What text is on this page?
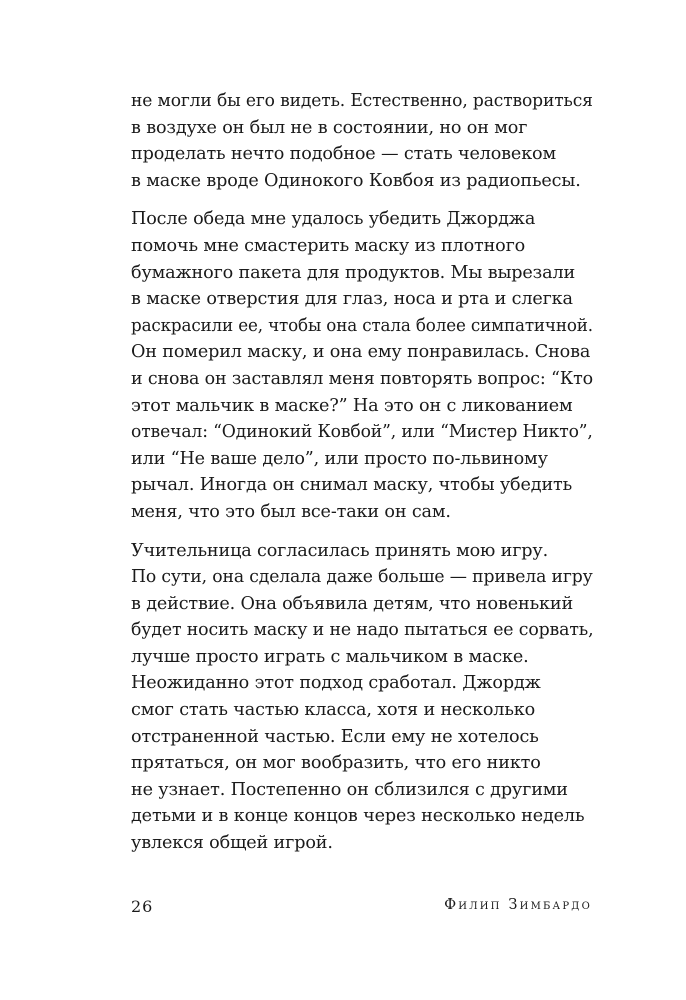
не могли бы его видеть. Естественно, раствориться
в воздухе он был не в состоянии, но он мог
проделать нечто подобное — стать человеком
в маске вроде Одинокого Ковбоя из радиопьесы.
После обеда мне удалось убедить Джорджа
помочь мне смастерить маску из плотного
бумажного пакета для продуктов. Мы вырезали
в маске отверстия для глаз, носа и рта и слегка
раскрасили ее, чтобы она стала более симпатичной.
Он померил маску, и она ему понравилась. Снова
и снова он заставлял меня повторять вопрос: “Кто
этот мальчик в маске?” На это он с ликованием
отвечал: “Одинокий Ковбой”, или “Мистер Никто”,
или “Не ваше дело”, или просто по-львиному
рычал. Иногда он снимал маску, чтобы убедить
меня, что это был все-таки он сам.
Учительница согласилась принять мою игру.
По сути, она сделала даже больше — привела игру
в действие. Она объявила детям, что новенький
будет носить маску и не надо пытаться ее сорвать,
лучше просто играть с мальчиком в маске.
Неожиданно этот подход сработал. Джордж
смог стать частью класса, хотя и несколько
отстраненной частью. Если ему не хотелось
прятаться, он мог вообразить, что его никто
не узнает. Постепенно он сблизился с другими
детьми и в конце концов через несколько недель
увлекся общей игрой.
26	Филип Зимбардо
